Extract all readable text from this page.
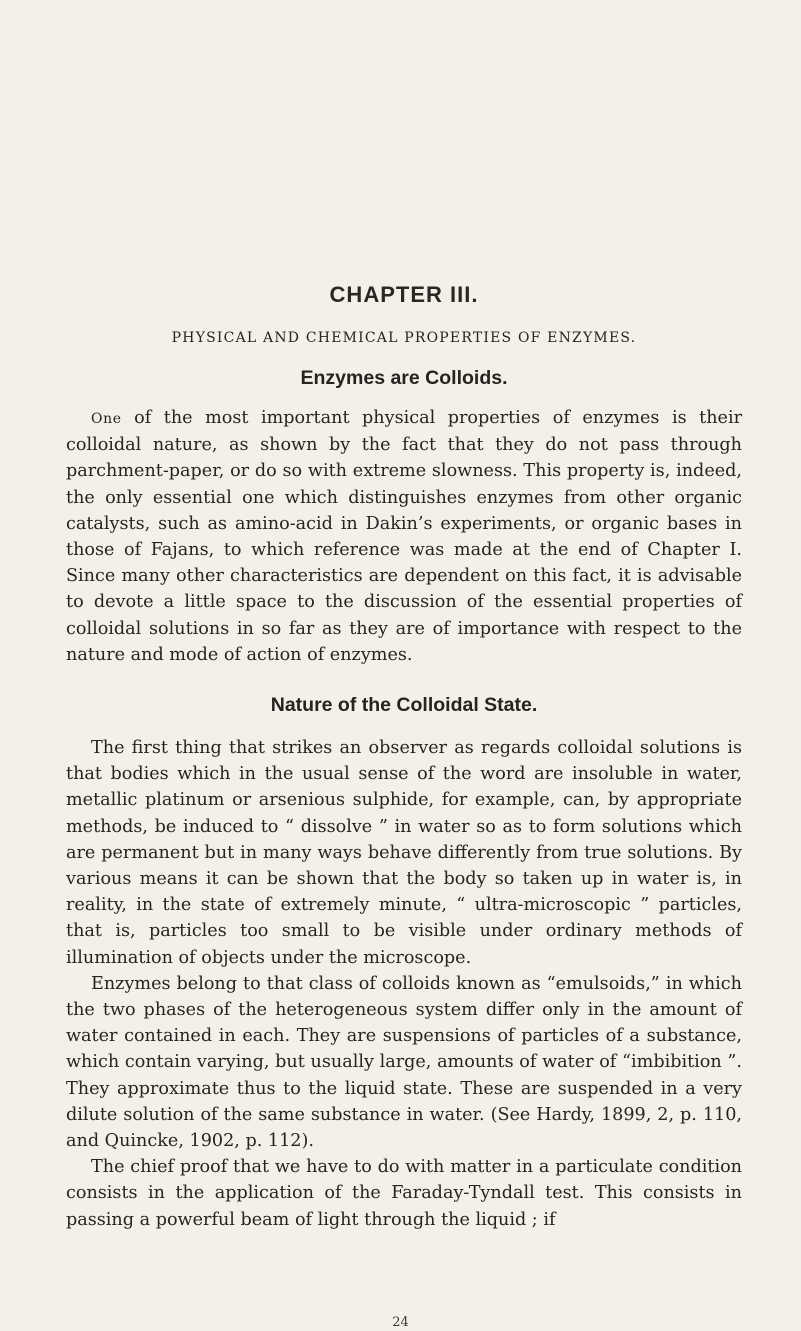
CHAPTER III.
PHYSICAL AND CHEMICAL PROPERTIES OF ENZYMES.
Enzymes are Colloids.

One of the most important physical properties of enzymes is their colloidal nature, as shown by the fact that they do not pass through parchment-paper, or do so with extreme slowness. This property is, indeed, the only essential one which distinguishes enzymes from other organic catalysts, such as amino-acid in Dakin’s experiments, or organic bases in those of Fajans, to which reference was made at the end of Chapter I. Since many other characteristics are dependent on this fact, it is advisable to devote a little space to the discussion of the essential properties of colloidal solutions in so far as they are of importance with respect to the nature and mode of action of enzymes.

Nature of the Colloidal State.

The first thing that strikes an observer as regards colloidal solutions is that bodies which in the usual sense of the word are insoluble in water, metallic platinum or arsenious sulphide, for example, can, by appropriate methods, be induced to “ dissolve ” in water so as to form solutions which are permanent but in many ways behave differently from true solutions. By various means it can be shown that the body so taken up in water is, in reality, in the state of extremely minute, “ ultra-microscopic ” particles, that is, particles too small to be visible under ordinary methods of illumination of objects under the microscope.

Enzymes belong to that class of colloids known as “emulsoids,” in which the two phases of the heterogeneous system differ only in the amount of water contained in each. They are suspensions of particles of a substance, which contain varying, but usually large, amounts of water of “imbibition ”. They approximate thus to the liquid state. These are suspended in a very dilute solution of the same substance in water. (See Hardy, 1899, 2, p. 110, and Quincke, 1902, p. 112).

The chief proof that we have to do with matter in a particulate condition consists in the application of the Faraday-Tyndall test. This consists in passing a powerful beam of light through the liquid ; if

24
